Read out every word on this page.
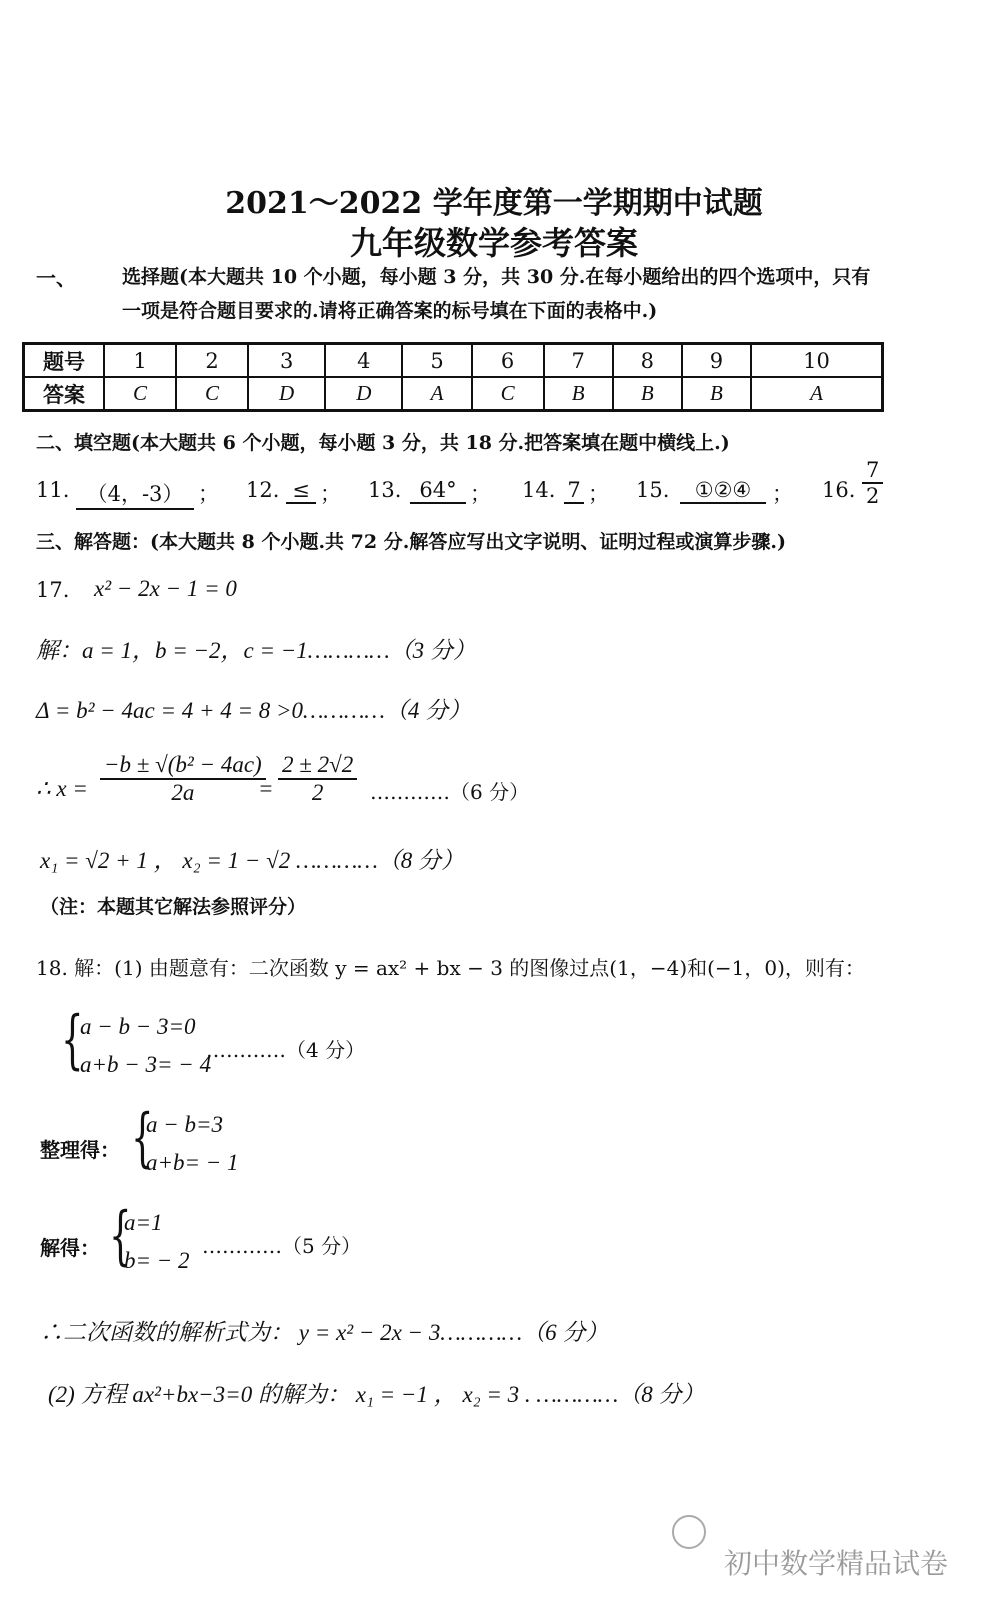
2021～2022 学年度第一学期期中试题
九年级数学参考答案
一、 选择题(本大题共 10 个小题，每小题 3 分，共 30 分.在每小题给出的四个选项中，只有
一项是符合题目要求的.请将正确答案的标号填在下面的表格中.)
题号	1	2	3	4	5	6	7	8	9	10
答案	C	C	D	D	A	C	B	B	B	A
二、填空题(本大题共 6 个小题，每小题 3 分，共 18 分.把答案填在题中横线上.)
11. （4，-3） ； 12. ≤ ； 13. 64° ； 14. 7 ； 15.	①②④ ； 16. $\frac{7}{2}$
三、解答题：(本大题共 8 个小题.共 72 分.解答应写出文字说明、证明过程或演算步骤.)
17. x² − 2x − 1 = 0
解：a = 1，b = −2，c = −1…………（3 分）
Δ = b² − 4ac = 4 + 4 = 8 >0…………（4 分）
∴ $x = \frac{\text{−b ± √(b² − 4ac)}}{2a}$
= $\frac{2 \pm 2√2}{2}$ …………（6 分）
x₁ = √2 + 1 ， x₂ = 1 − √2 …………（8 分）
（注：本题其它解法参照评分）
18. 解：(1) 由题意有：二次函数 y = ax² + bx − 3 的图像过点(1，−4)和(−1，0)，则有：
{
a − b − 3=0
a+b − 3= − 4
…………（4 分）
整理得： {
a − b=3
a+b= − 1
解得： {
a=1
b= − 2
…………（5 分）
∴二次函数的解析式为： y = x² − 2x − 3…………（6 分）
(2) 方程 ax²+bx−3=0 的解为： x₁ = −1 ， x₂ = 3 . …………（8 分）
初中数学精品试卷
